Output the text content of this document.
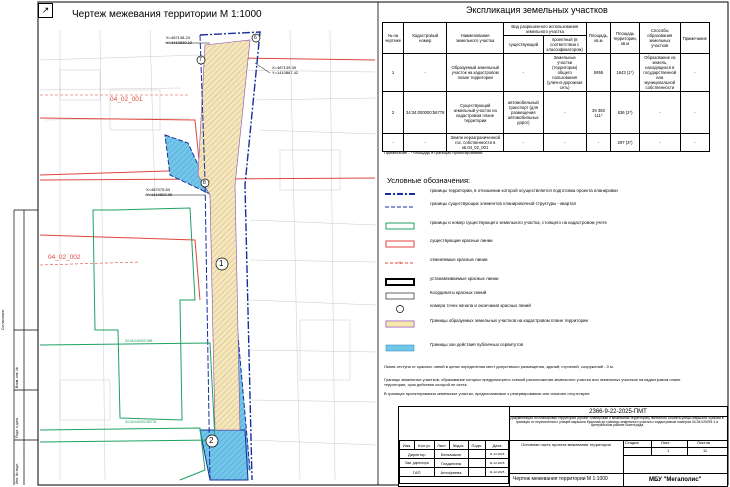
Чертеж межевания территории М 1:1000
↗
X=487138.24
Y=1410830.12
X=487139.39
Y=1410867.42
X=487075.83
Y=1410802.05
04_02_001
04_02_002
6
7
8
1
2
34:34:040002:388
34:34:040002:56778
Согласовано
Взам. инв. №
Подп. и дата
Инв. № подл.
Экспликация земельных участков
№ на чертеже	Кадастровый номер	Наименование земельного участка	Вид разрешенного использования земельного участка		Площадь, кв.м	Площадь территории, кв.м	Способы образования земельных участков	Примечание
			существующий	проектный (в соответствии с классификатором)				
1	-	Образуемый земельный участок на кадастровом плане территории	-	Земельные участки (территории) общего пользования (улично-дорожная сеть)	5955	1643 (1*)	Образование из земель, находящихся в государственной или муниципальной собственности	-
2	34:34:000000:56778	Существующий земельный участок на кадастровом плане территории	автомобильный транспорт (для размещения автомобильных дорог)	-	39 383 111*	836 (2*)	-	-
-	-	Земли неразграниченной гос. собственности в кв.04_02_001	-	-	-	297 (3*)	-	-
Примечание - * площадь в границах проектирования
Условные обозначения:
границы территории, в отношении которой осуществляется подготовка проекта планировки
границы существующих элементов планировочной структуры - квартал
границы и номер существующего земельного участка, стоящего на кадастровом учете
существующие красные линии
×
отменяемые красные линии
устанавливаемые красные линии
Координаты красных линий
номера точек начала и окончания красных линий
Границы образуемых земельных участков на кадастровом плане территории
Границы зон действия публичных сервитутов
Линия отступа от красных линий в целях определения мест допустимого размещения, зданий, строений, сооружений - 0 м.
Границы земельных участков, образование которых предусмотрено схемой расположения земельного участка или земельных участков на кадастровом плане территории, срок действия которой не истек.
В границах проектирования земельные участки, предполагаемые к резервированию или изъятию отсутствуют.
2366-9-22-2025-ПМТ
Документация по планировке территории (проект планировки и межевания территории) линейного объекта-улицы маршала Чуйкова в границах от пересечения с улицей маршала Крылова до границы земельного участка с кадастровым номером 34:34:020091:1 в Центральном районе Волгограда
Изм.	Кол.уч	Лист	№док.	Подп.	Дата
Директор		Бельмакон			11.12.2025
Зам. директора		Гладилина			11.12.2025
ГАП		Антофеева			11.12.2025

Основная часть проекта межевания территории	Стадия	Лист	Листов
1	11
Чертеж межевания территории М 1:1000	МБУ "Мегаполис"
